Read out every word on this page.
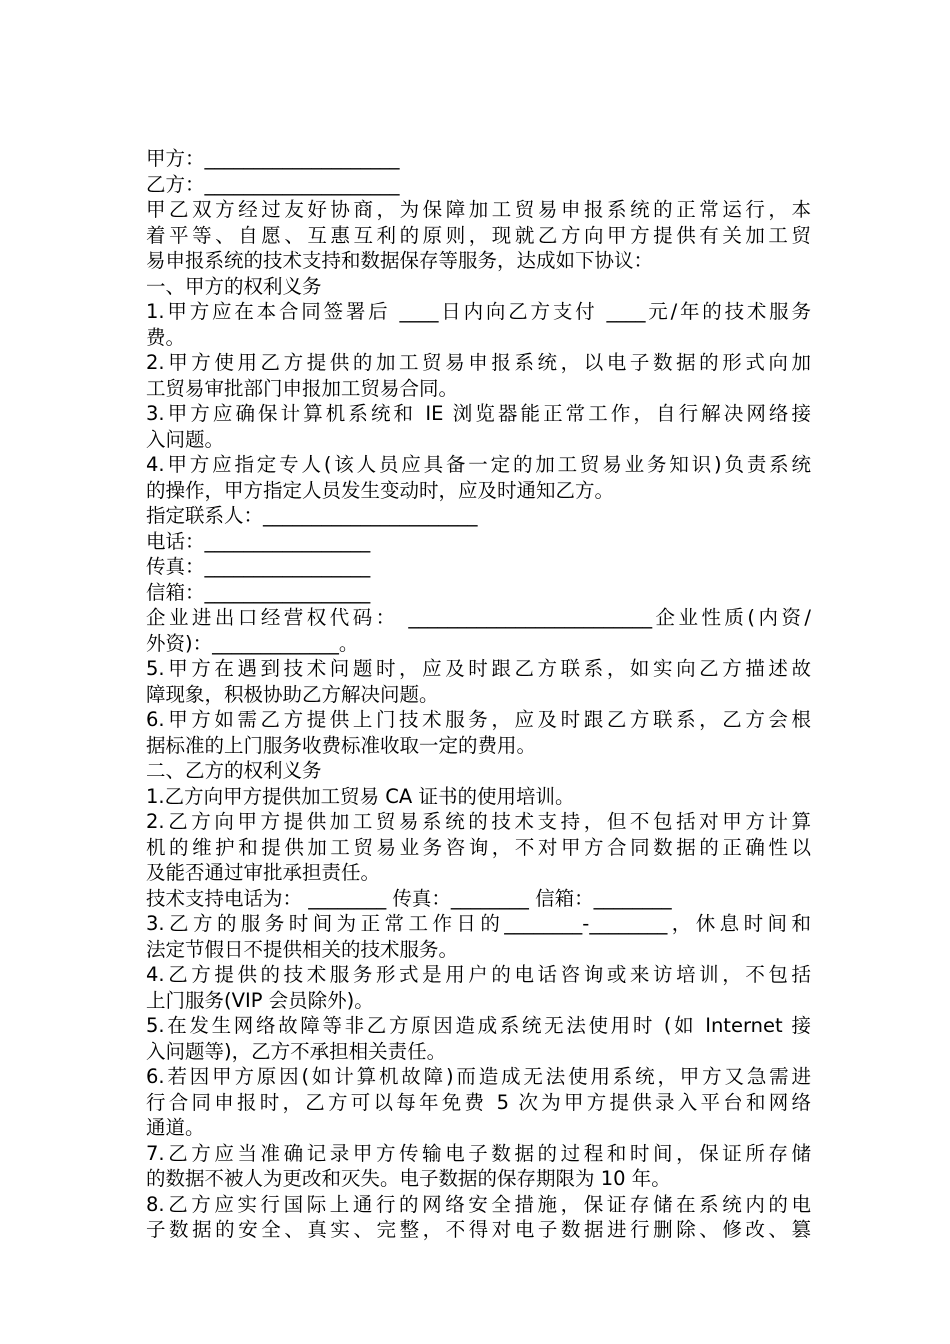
甲方：____________________
乙方：____________________
甲乙双方经过友好协商，为保障加工贸易申报系统的正常运行，本
着平等、自愿、互惠互利的原则，现就乙方向甲方提供有关加工贸
易申报系统的技术支持和数据保存等服务，达成如下协议：
一、甲方的权利义务
1.甲方应在本合同签署后 ____日内向乙方支付 ____元/年的技术服务
费。
2.甲方使用乙方提供的加工贸易申报系统，以电子数据的形式向加
工贸易审批部门申报加工贸易合同。
3.甲方应确保计算机系统和 IE 浏览器能正常工作，自行解决网络接
入问题。
4.甲方应指定专人(该人员应具备一定的加工贸易业务知识)负责系统
的操作，甲方指定人员发生变动时，应及时通知乙方。
指定联系人：______________________
电话：_________________
传真：_________________
信箱：_________________
企业进出口经营权代码： _________________________企业性质(内资/
外资)：_____________。
5.甲方在遇到技术问题时，应及时跟乙方联系，如实向乙方描述故
障现象，积极协助乙方解决问题。
6.甲方如需乙方提供上门技术服务，应及时跟乙方联系，乙方会根
据标准的上门服务收费标准收取一定的费用。
二、乙方的权利义务
1.乙方向甲方提供加工贸易 CA 证书的使用培训。
2.乙方向甲方提供加工贸易系统的技术支持，但不包括对甲方计算
机的维护和提供加工贸易业务咨询，不对甲方合同数据的正确性以
及能否通过审批承担责任。
技术支持电话为： ________ 传真：________ 信箱：________
3.乙方的服务时间为正常工作日的________-________，休息时间和
法定节假日不提供相关的技术服务。
4.乙方提供的技术服务形式是用户的电话咨询或来访培训，不包括
上门服务(VIP 会员除外)。
5.在发生网络故障等非乙方原因造成系统无法使用时 (如 Internet 接
入问题等)，乙方不承担相关责任。
6.若因甲方原因(如计算机故障)而造成无法使用系统，甲方又急需进
行合同申报时，乙方可以每年免费 5 次为甲方提供录入平台和网络
通道。
7.乙方应当准确记录甲方传输电子数据的过程和时间，保证所存储
的数据不被人为更改和灭失。电子数据的保存期限为 10 年。
8.乙方应实行国际上通行的网络安全措施，保证存储在系统内的电
子数据的安全、真实、完整，不得对电子数据进行删除、修改、篡
